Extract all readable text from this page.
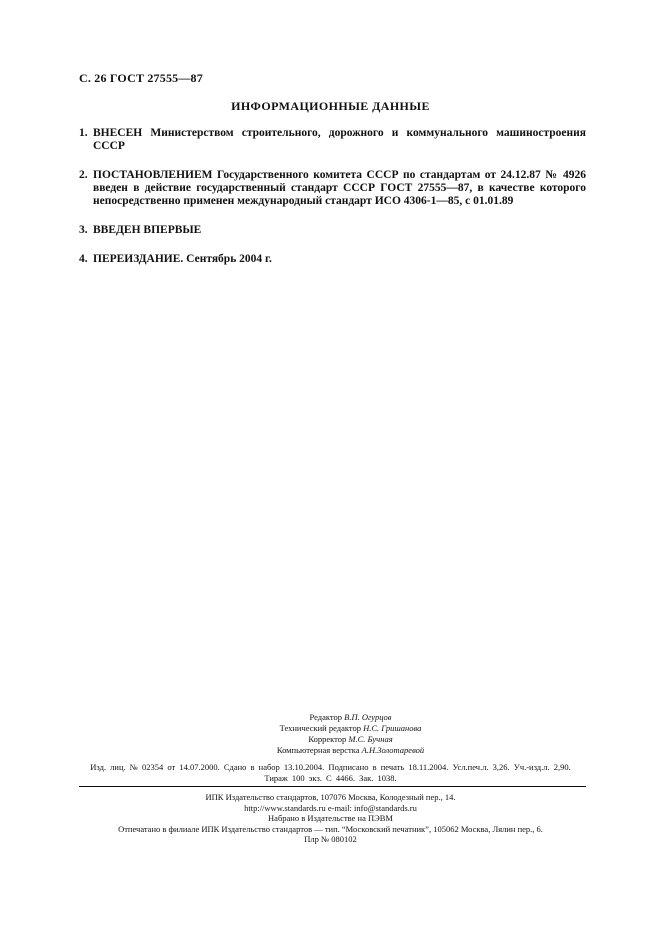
С. 26 ГОСТ 27555—87
ИНФОРМАЦИОННЫЕ ДАННЫЕ
1. ВНЕСЕН Министерством строительного, дорожного и коммунального машиностроения СССР
2. ПОСТАНОВЛЕНИЕМ Государственного комитета СССР по стандартам от 24.12.87 № 4926 введен в действие государственный стандарт СССР ГОСТ 27555—87, в качестве которого непосредственно применен международный стандарт ИСО 4306-1—85, с 01.01.89
3. ВВЕДЕН ВПЕРВЫЕ
4. ПЕРЕИЗДАНИЕ. Сентябрь 2004 г.
Редактор В.П. Огурцов
Технический редактор Н.С. Гришанова
Корректор М.С. Бучная
Компьютерная верстка А.Н.Золотаревой
Изд. лиц. № 02354 от 14.07.2000. Сдано в набор 13.10.2004. Подписано в печать 18.11.2004. Усл.печ.л. 3,26. Уч.-изд.л. 2,90.
Тираж 100 экз. С 4466. Зак. 1038.
ИПК Издательство стандартов, 107076 Москва, Колодезный пер., 14.
http://www.standards.ru e-mail: info@standards.ru
Набрано в Издательстве на ПЭВМ
Отпечатано в филиале ИПК Издательство стандартов — тип. “Московский печатник”, 105062 Москва, Лялин пер., 6.
Плр № 080102
